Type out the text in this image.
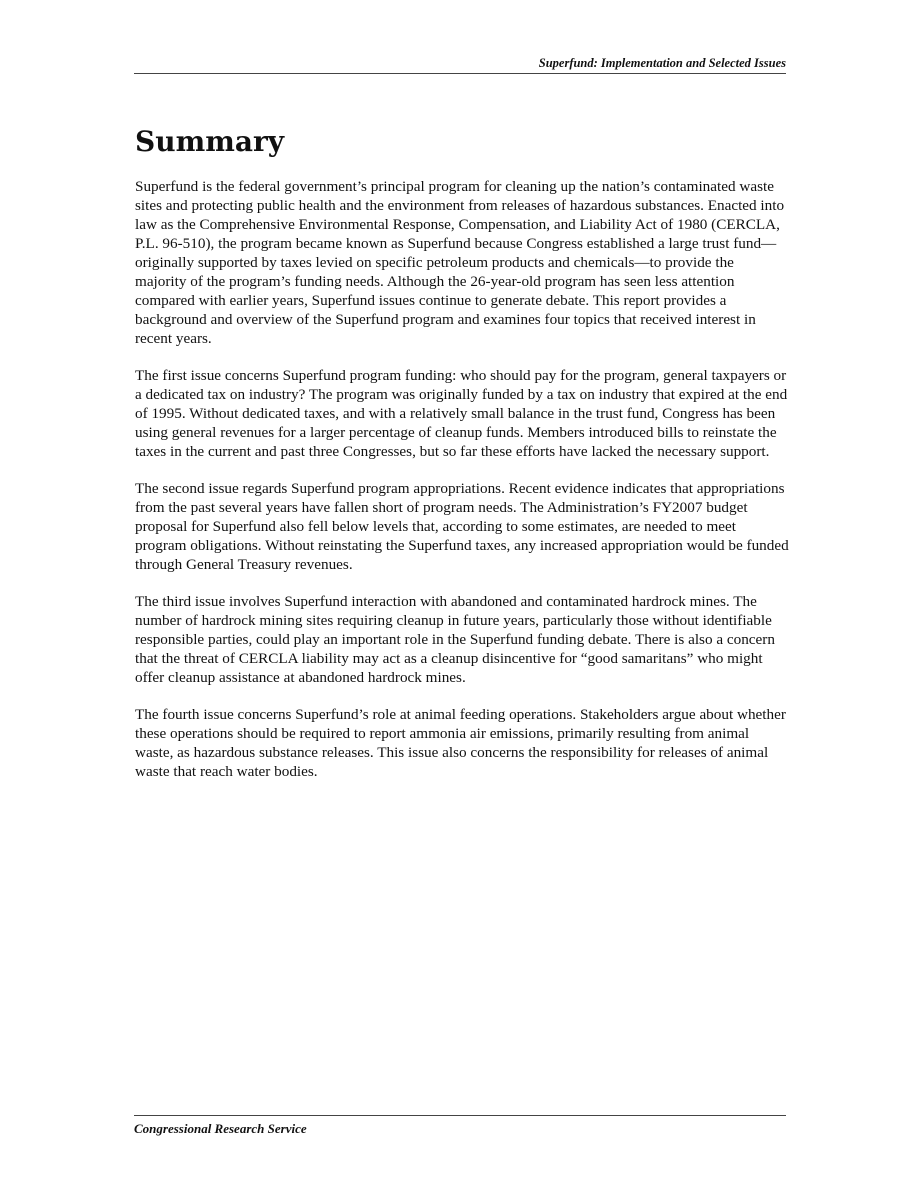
Superfund: Implementation and Selected Issues
Summary

Superfund is the federal government’s principal program for cleaning up the nation’s contaminated waste sites and protecting public health and the environment from releases of hazardous substances. Enacted into law as the Comprehensive Environmental Response, Compensation, and Liability Act of 1980 (CERCLA, P.L. 96-510), the program became known as Superfund because Congress established a large trust fund—originally supported by taxes levied on specific petroleum products and chemicals—to provide the majority of the program’s funding needs. Although the 26-year-old program has seen less attention compared with earlier years, Superfund issues continue to generate debate. This report provides a background and overview of the Superfund program and examines four topics that received interest in recent years.

The first issue concerns Superfund program funding: who should pay for the program, general taxpayers or a dedicated tax on industry? The program was originally funded by a tax on industry that expired at the end of 1995. Without dedicated taxes, and with a relatively small balance in the trust fund, Congress has been using general revenues for a larger percentage of cleanup funds. Members introduced bills to reinstate the taxes in the current and past three Congresses, but so far these efforts have lacked the necessary support.

The second issue regards Superfund program appropriations. Recent evidence indicates that appropriations from the past several years have fallen short of program needs. The Administration’s FY2007 budget proposal for Superfund also fell below levels that, according to some estimates, are needed to meet program obligations. Without reinstating the Superfund taxes, any increased appropriation would be funded through General Treasury revenues.

The third issue involves Superfund interaction with abandoned and contaminated hardrock mines. The number of hardrock mining sites requiring cleanup in future years, particularly those without identifiable responsible parties, could play an important role in the Superfund funding debate. There is also a concern that the threat of CERCLA liability may act as a cleanup disincentive for “good samaritans” who might offer cleanup assistance at abandoned hardrock mines.

The fourth issue concerns Superfund’s role at animal feeding operations. Stakeholders argue about whether these operations should be required to report ammonia air emissions, primarily resulting from animal waste, as hazardous substance releases. This issue also concerns the responsibility for releases of animal waste that reach water bodies.

Congressional Research Service
